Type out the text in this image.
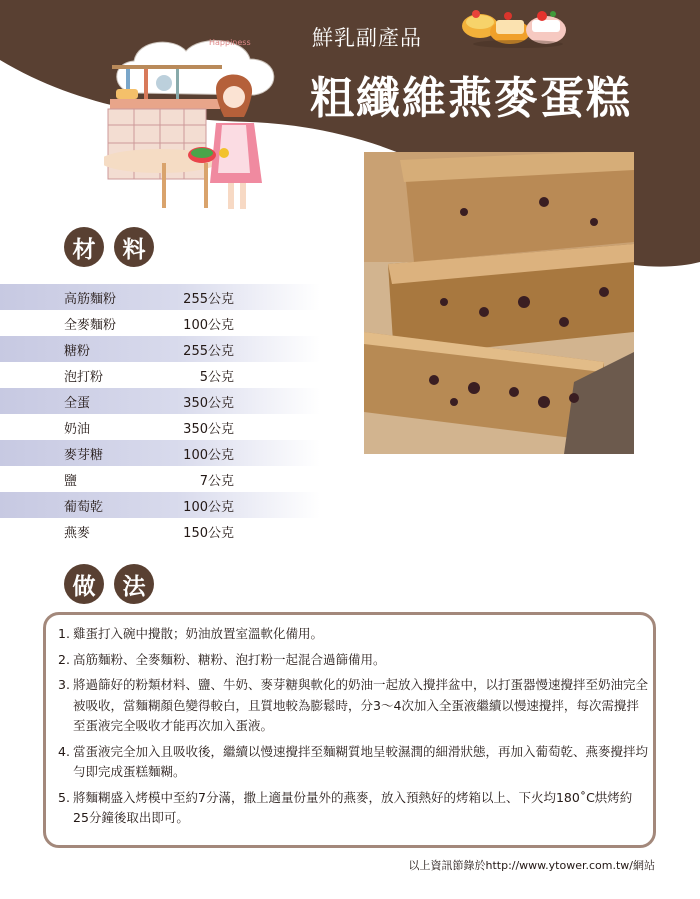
鮮乳副產品
粗纖維燕麥蛋糕
Happiness
材	料
高筋麵粉	255公克
全麥麵粉	100公克
糖粉	255公克
泡打粉	5公克
全蛋	350公克
奶油	350公克
麥芽糖	100公克
鹽	7公克
葡萄乾	100公克
燕麥	150公克
做	法
1. 雞蛋打入碗中攪散；奶油放置室溫軟化備用。
2. 高筋麵粉、全麥麵粉、糖粉、泡打粉一起混合過篩備用。
3. 將過篩好的粉類材料、鹽、牛奶、麥芽糖與軟化的奶油一起放入攪拌盆中，以打蛋器慢速攪拌至奶油完全被吸收，當麵糊顏色變得較白，且質地較為膨鬆時，分3～4次加入全蛋液繼續以慢速攪拌，每次需攪拌至蛋液完全吸收才能再次加入蛋液。
4. 當蛋液完全加入且吸收後，繼續以慢速攪拌至麵糊質地呈較濕潤的細滑狀態，再加入葡萄乾、燕麥攪拌均勻即完成蛋糕麵糊。
5. 將麵糊盛入烤模中至約7分滿，撒上適量份量外的燕麥，放入預熱好的烤箱以上、下火均180˚C烘烤約25分鐘後取出即可。
以上資訊節錄於http://www.ytower.com.tw/網站
